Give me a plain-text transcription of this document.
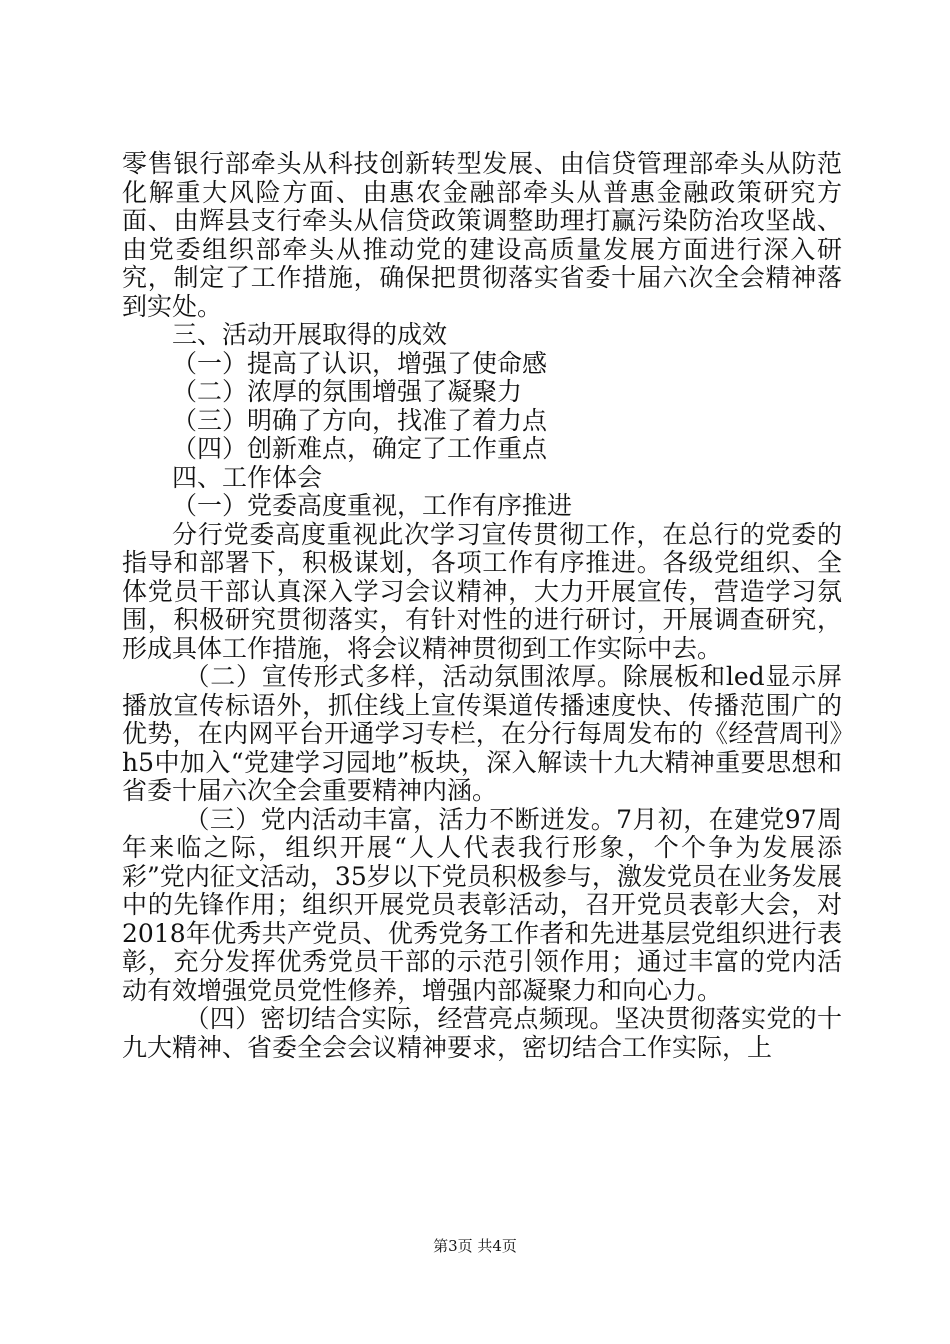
零售银行部牵头从科技创新转型发展、由信贷管理部牵头从防范化解重大风险方面、由惠农金融部牵头从普惠金融政策研究方面、由辉县支行牵头从信贷政策调整助理打赢污染防治攻坚战、由党委组织部牵头从推动党的建设高质量发展方面进行深入研究，制定了工作措施，确保把贯彻落实省委十届六次全会精神落到实处。

三、活动开展取得的成效

（一）提高了认识，增强了使命感

（二）浓厚的氛围增强了凝聚力

（三）明确了方向，找准了着力点

（四）创新难点，确定了工作重点

四、工作体会

（一）党委高度重视，工作有序推进

分行党委高度重视此次学习宣传贯彻工作，在总行的党委的指导和部署下，积极谋划，各项工作有序推进。各级党组织、全体党员干部认真深入学习会议精神，大力开展宣传，营造学习氛围，积极研究贯彻落实，有针对性的进行研讨，开展调查研究，形成具体工作措施，将会议精神贯彻到工作实际中去。

（二）宣传形式多样，活动氛围浓厚。除展板和led显示屏播放宣传标语外，抓住线上宣传渠道传播速度快、传播范围广的优势，在内网平台开通学习专栏，在分行每周发布的《经营周刊》h5中加入“党建学习园地”板块，深入解读十九大精神重要思想和省委十届六次全会重要精神内涵。

（三）党内活动丰富，活力不断迸发。7月初，在建党97周年来临之际，组织开展“人人代表我行形象，个个争为发展添彩”党内征文活动，35岁以下党员积极参与，激发党员在业务发展中的先锋作用；组织开展党员表彰活动，召开党员表彰大会，对2018年优秀共产党员、优秀党务工作者和先进基层党组织进行表彰，充分发挥优秀党员干部的示范引领作用；通过丰富的党内活动有效增强党员党性修养，增强内部凝聚力和向心力。

（四）密切结合实际，经营亮点频现。坚决贯彻落实党的十九大精神、省委全会会议精神要求，密切结合工作实际，上

第3页 共4页
